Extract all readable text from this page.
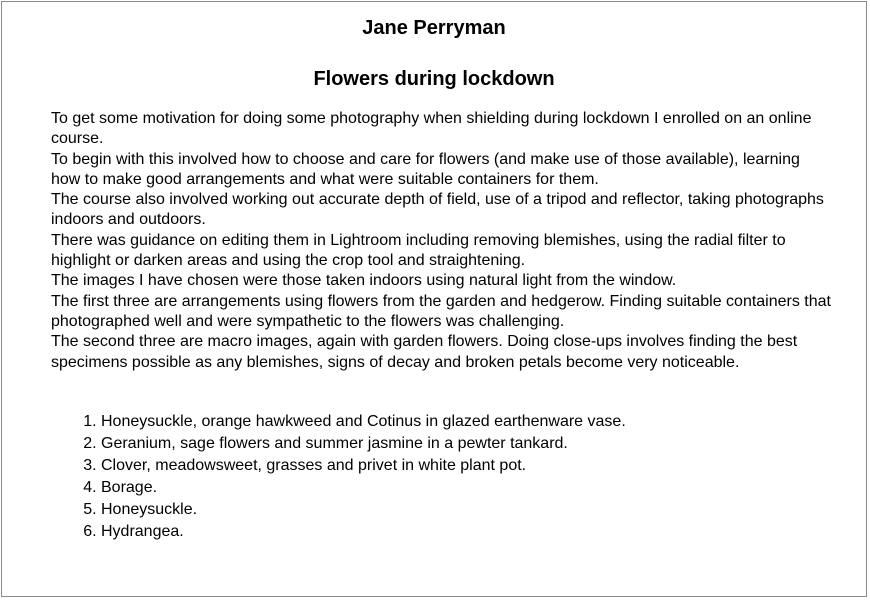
Jane Perryman
Flowers during lockdown

To get some motivation for doing some photography when shielding during lockdown I enrolled on an online course.

To begin with this involved how to choose and care for flowers (and make use of those available), learning how to make good arrangements and what were suitable containers for them.

The course also involved working out accurate depth of field, use of a tripod and reflector, taking photographs indoors and outdoors.

There was guidance on editing them in Lightroom including removing blemishes, using the radial filter to highlight or darken areas and using the crop tool and straightening.

The images I have chosen were those taken indoors using natural light from the window.

The first three are arrangements using flowers from the garden and hedgerow. Finding suitable containers that photographed well and were sympathetic to the flowers was challenging.

The second three are macro images, again with garden flowers. Doing close-ups involves finding the best specimens possible as any blemishes, signs of decay and broken petals become very noticeable.

1. Honeysuckle, orange hawkweed and Cotinus in glazed earthenware vase.
2. Geranium, sage flowers and summer jasmine in a pewter tankard.
3. Clover, meadowsweet, grasses and privet in white plant pot.
4. Borage.
5. Honeysuckle.
6. Hydrangea.
